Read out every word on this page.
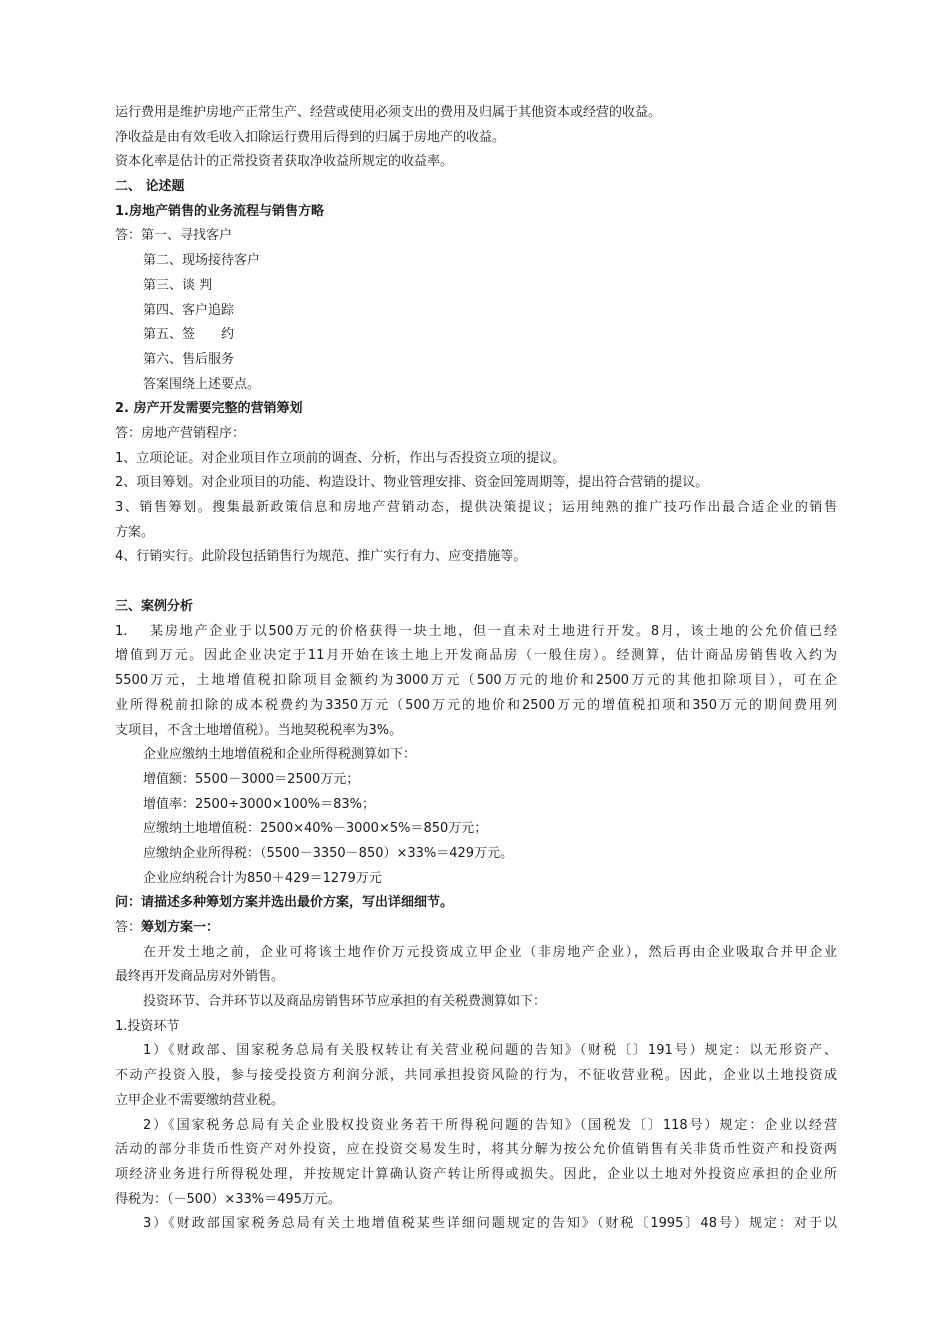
运行费用是维护房地产正常生产、经营或使用必须支出的费用及归属于其他资本或经营的收益。
净收益是由有效毛收入扣除运行费用后得到的归属于房地产的收益。
资本化率是估计的正常投资者获取净收益所规定的收益率。
二、 论述题
1.房地产销售的业务流程与销售方略
答：第一、寻找客户
第二、现场接待客户
第三、谈 判
第四、客户追踪
第五、签　　约
第六、售后服务
答案围绕上述要点。
2. 房产开发需要完整的营销筹划
答：房地产营销程序：
1、立项论证。对企业项目作立项前的调查、分析，作出与否投资立项的提议。
2、项目筹划。对企业项目的功能、构造设计、物业管理安排、资金回笼周期等，提出符合营销的提议。
3、销售筹划。搜集最新政策信息和房地产营销动态，提供决策提议；运用纯熟的推广技巧作出最合适企业的销售
方案。
4、行销实行。此阶段包括销售行为规范、推广实行有力、应变措施等。
三、案例分析
1.　 某房地产企业于以500万元的价格获得一块土地，但一直未对土地进行开发。8月，该土地的公允价值已经
增值到万元。因此企业决定于11月开始在该土地上开发商品房（一般住房）。经测算，估计商品房销售收入约为
5500万元，土地增值税扣除项目金额约为3000万元（500万元的地价和2500万元的其他扣除项目），可在企
业所得税前扣除的成本税费约为3350万元（500万元的地价和2500万元的增值税扣项和350万元的期间费用列
支项目，不含土地增值税）。当地契税税率为3%。
企业应缴纳土地增值税和企业所得税测算如下：
增值额：5500－3000＝2500万元；
增值率：2500÷3000×100%＝83%；
应缴纳土地增值税：2500×40%－3000×5%＝850万元；
应缴纳企业所得税：（5500－3350－850）×33%＝429万元。
企业应纳税合计为850＋429＝1279万元
问：请描述多种筹划方案并选出最价方案，写出详细细节。
答：筹划方案一：
在开发土地之前，企业可将该土地作价万元投资成立甲企业（非房地产企业），然后再由企业吸取合并甲企业
最终再开发商品房对外销售。
投资环节、合并环节以及商品房销售环节应承担的有关税费测算如下：
1.投资环节
1）《财政部、国家税务总局有关股权转让有关营业税问题的告知》（财税〔〕191号）规定：以无形资产、
不动产投资入股，参与接受投资方利润分派，共同承担投资风险的行为，不征收营业税。因此，企业以土地投资成
立甲企业不需要缴纳营业税。
2）《国家税务总局有关企业股权投资业务若干所得税问题的告知》（国税发〔〕118号）规定：企业以经营
活动的部分非货币性资产对外投资，应在投资交易发生时，将其分解为按公允价值销售有关非货币性资产和投资两
项经济业务进行所得税处理，并按规定计算确认资产转让所得或损失。因此，企业以土地对外投资应承担的企业所
得税为：（－500）×33%＝495万元。
3）《财政部国家税务总局有关土地增值税某些详细问题规定的告知》（财税〔1995〕48号）规定：对于以
